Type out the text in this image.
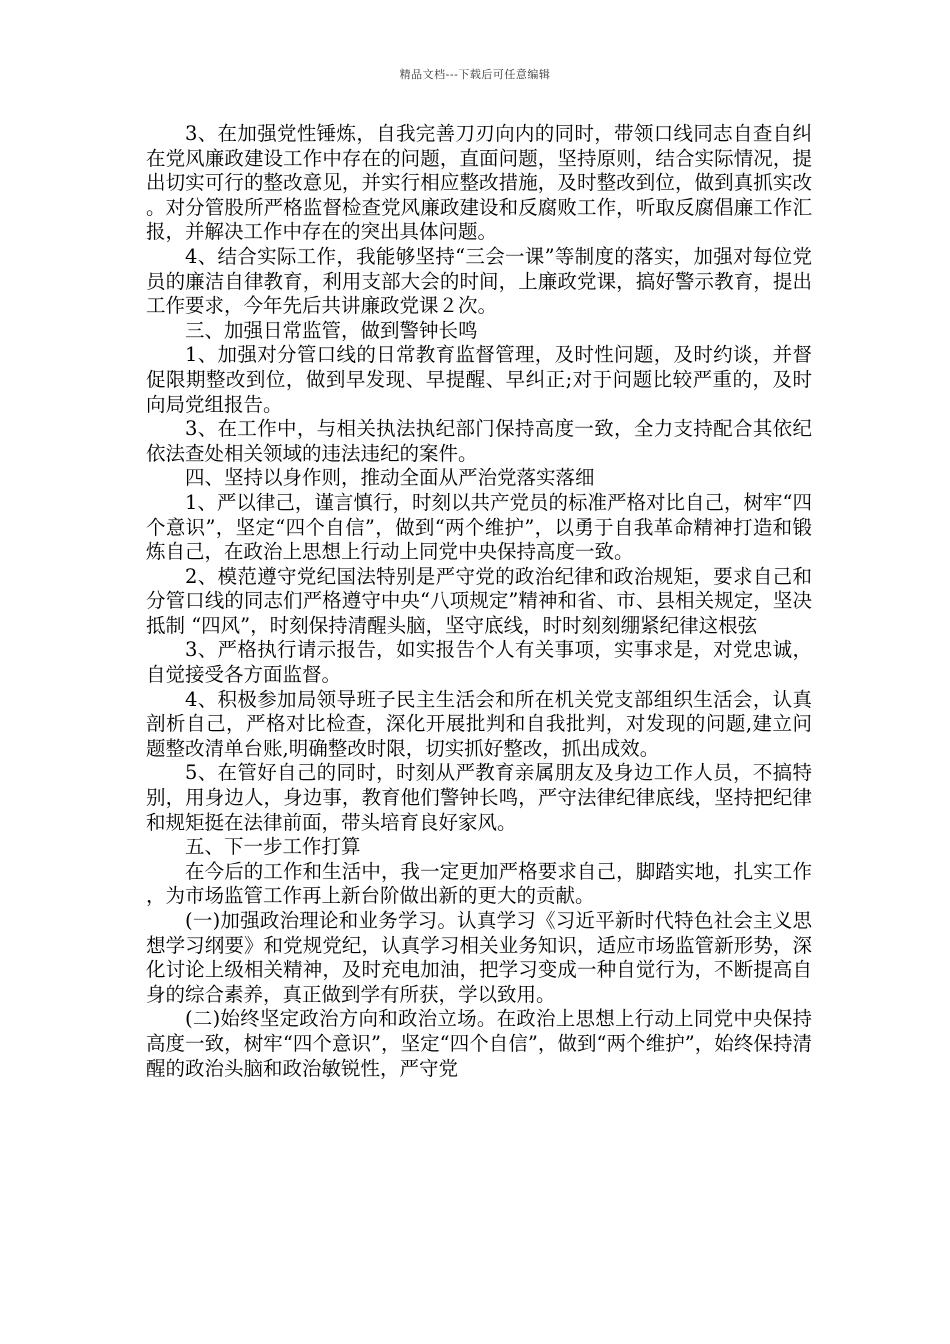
精品文档---下载后可任意编辑

3、在加强党性锤炼，自我完善刀刃向内的同时，带领口线同志自查自纠在党风廉政建设工作中存在的问题，直面问题，坚持原则，结合实际情况，提出切实可行的整改意见，并实行相应整改措施，及时整改到位，做到真抓实改。对分管股所严格监督检查党风廉政建设和反腐败工作，听取反腐倡廉工作汇报，并解决工作中存在的突出具体问题。

4、结合实际工作，我能够坚持“三会一课”等制度的落实，加强对每位党员的廉洁自律教育，利用支部大会的时间，上廉政党课，搞好警示教育，提出工作要求，今年先后共讲廉政党课２次。

三、加强日常监管，做到警钟长鸣

1、加强对分管口线的日常教育监督管理，及时性问题，及时约谈，并督促限期整改到位，做到早发现、早提醒、早纠正;对于问题比较严重的，及时向局党组报告。

3、在工作中，与相关执法执纪部门保持高度一致，全力支持配合其依纪依法查处相关领域的违法违纪的案件。

四、坚持以身作则，推动全面从严治党落实落细

1、严以律己，谨言慎行，时刻以共产党员的标准严格对比自己，树牢“四个意识”，坚定“四个自信”，做到“两个维护”，以勇于自我革命精神打造和锻炼自己，在政治上思想上行动上同党中央保持高度一致。

2、模范遵守党纪国法特别是严守党的政治纪律和政治规矩，要求自己和分管口线的同志们严格遵守中央“八项规定”精神和省、市、县相关规定，坚决抵制 “四风”，时刻保持清醒头脑，坚守底线，时时刻刻绷紧纪律这根弦

3、严格执行请示报告，如实报告个人有关事项，实事求是，对党忠诚，自觉接受各方面监督。

4、积极参加局领导班子民主生活会和所在机关党支部组织生活会，认真剖析自己，严格对比检查，深化开展批判和自我批判，对发现的问题,建立问题整改清单台账,明确整改时限，切实抓好整改，抓出成效。

5、在管好自己的同时，时刻从严教育亲属朋友及身边工作人员，不搞特别，用身边人，身边事，教育他们警钟长鸣，严守法律纪律底线，坚持把纪律和规矩挺在法律前面，带头培育良好家风。

五、下一步工作打算

在今后的工作和生活中，我一定更加严格要求自己，脚踏实地，扎实工作，为市场监管工作再上新台阶做出新的更大的贡献。

(一)加强政治理论和业务学习。认真学习《习近平新时代特色社会主义思想学习纲要》和党规党纪，认真学习相关业务知识，适应市场监管新形势，深化讨论上级相关精神，及时充电加油，把学习变成一种自觉行为，不断提高自身的综合素养，真正做到学有所获，学以致用。

(二)始终坚定政治方向和政治立场。在政治上思想上行动上同党中央保持高度一致，树牢“四个意识”，坚定“四个自信”，做到“两个维护”，始终保持清醒的政治头脑和政治敏锐性，严守党
